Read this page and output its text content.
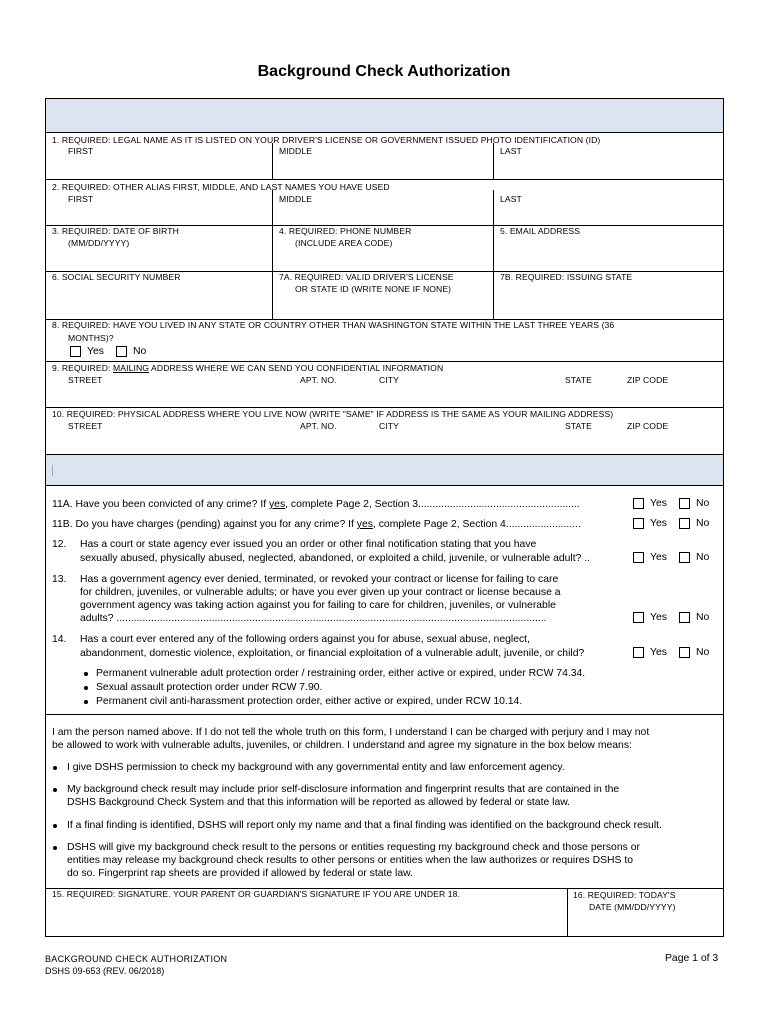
Background Check Authorization
1. REQUIRED: LEGAL NAME AS IT IS LISTED ON YOUR DRIVER'S LICENSE OR GOVERNMENT ISSUED PHOTO IDENTIFICATION (ID)
FIRST	MIDDLE	LAST
2. REQUIRED: OTHER ALIAS FIRST, MIDDLE, AND LAST NAMES YOU HAVE USED
FIRST	MIDDLE	LAST
3. REQUIRED: DATE OF BIRTH
(MM/DD/YYYY)
4. REQUIRED: PHONE NUMBER
(INCLUDE AREA CODE)
5. EMAIL ADDRESS
6. SOCIAL SECURITY NUMBER	7A. REQUIRED: VALID DRIVER'S LICENSE
OR STATE ID (WRITE NONE IF NONE)
7B. REQUIRED: ISSUING STATE
8. REQUIRED: HAVE YOU LIVED IN ANY STATE OR COUNTRY OTHER THAN WASHINGTON STATE WITHIN THE LAST THREE YEARS (36
MONTHS)?
Yes	No
9. REQUIRED: MAILING ADDRESS WHERE WE CAN SEND YOU CONFIDENTIAL INFORMATION
STREET	APT. NO.	CITY	STATE	ZIP CODE
10. REQUIRED: PHYSICAL ADDRESS WHERE YOU LIVE NOW (WRITE "SAME" IF ADDRESS IS THE SAME AS YOUR MAILING ADDRESS)
STREET	APT. NO.	CITY	STATE	ZIP CODE
11A. Have you been convicted of any crime? If yes, complete Page 2, Section 3........................................................	Yes	No
11B. Do you have charges (pending) against you for any crime? If yes, complete Page 2, Section 4..........................	Yes	No
12. Has a court or state agency ever issued you an order or other final notification stating that you have
sexually abused, physically abused, neglected, abandoned, or exploited a child, juvenile, or vulnerable adult? ..	Yes	No
13. Has a government agency ever denied, terminated, or revoked your contract or license for failing to care
for children, juveniles, or vulnerable adults; or have you ever given up your contract or license because a
government agency was taking action against you for failing to care for children, juveniles, or vulnerable
adults? .....................................................................................................................................................	Yes	No
14. Has a court ever entered any of the following orders against you for abuse, sexual abuse, neglect,
abandonment, domestic violence, exploitation, or financial exploitation of a vulnerable adult, juvenile, or child?	Yes	No
Permanent vulnerable adult protection order / restraining order, either active or expired, under RCW 74.34.
Sexual assault protection order under RCW 7.90.
Permanent civil anti-harassment protection order, either active or expired, under RCW 10.14.
I am the person named above. If I do not tell the whole truth on this form, I understand I can be charged with perjury and I may not
be allowed to work with vulnerable adults, juveniles, or children. I understand and agree my signature in the box below means:
I give DSHS permission to check my background with any governmental entity and law enforcement agency.
My background check result may include prior self-disclosure information and fingerprint results that are contained in the
DSHS Background Check System and that this information will be reported as allowed by federal or state law.
If a final finding is identified, DSHS will report only my name and that a final finding was identified on the background check result.
DSHS will give my background check result to the persons or entities requesting my background check and those persons or
entities may release my background check results to other persons or entities when the law authorizes or requires DSHS to
do so. Fingerprint rap sheets are provided if allowed by federal or state law.
15. REQUIRED: SIGNATURE. YOUR PARENT OR GUARDIAN'S SIGNATURE IF YOU ARE UNDER 18.	16. REQUIRED: TODAY'S
DATE (MM/DD/YYYY)
BACKGROUND CHECK AUTHORIZATION
DSHS 09-653 (REV. 06/2018)
Page 1 of 3
